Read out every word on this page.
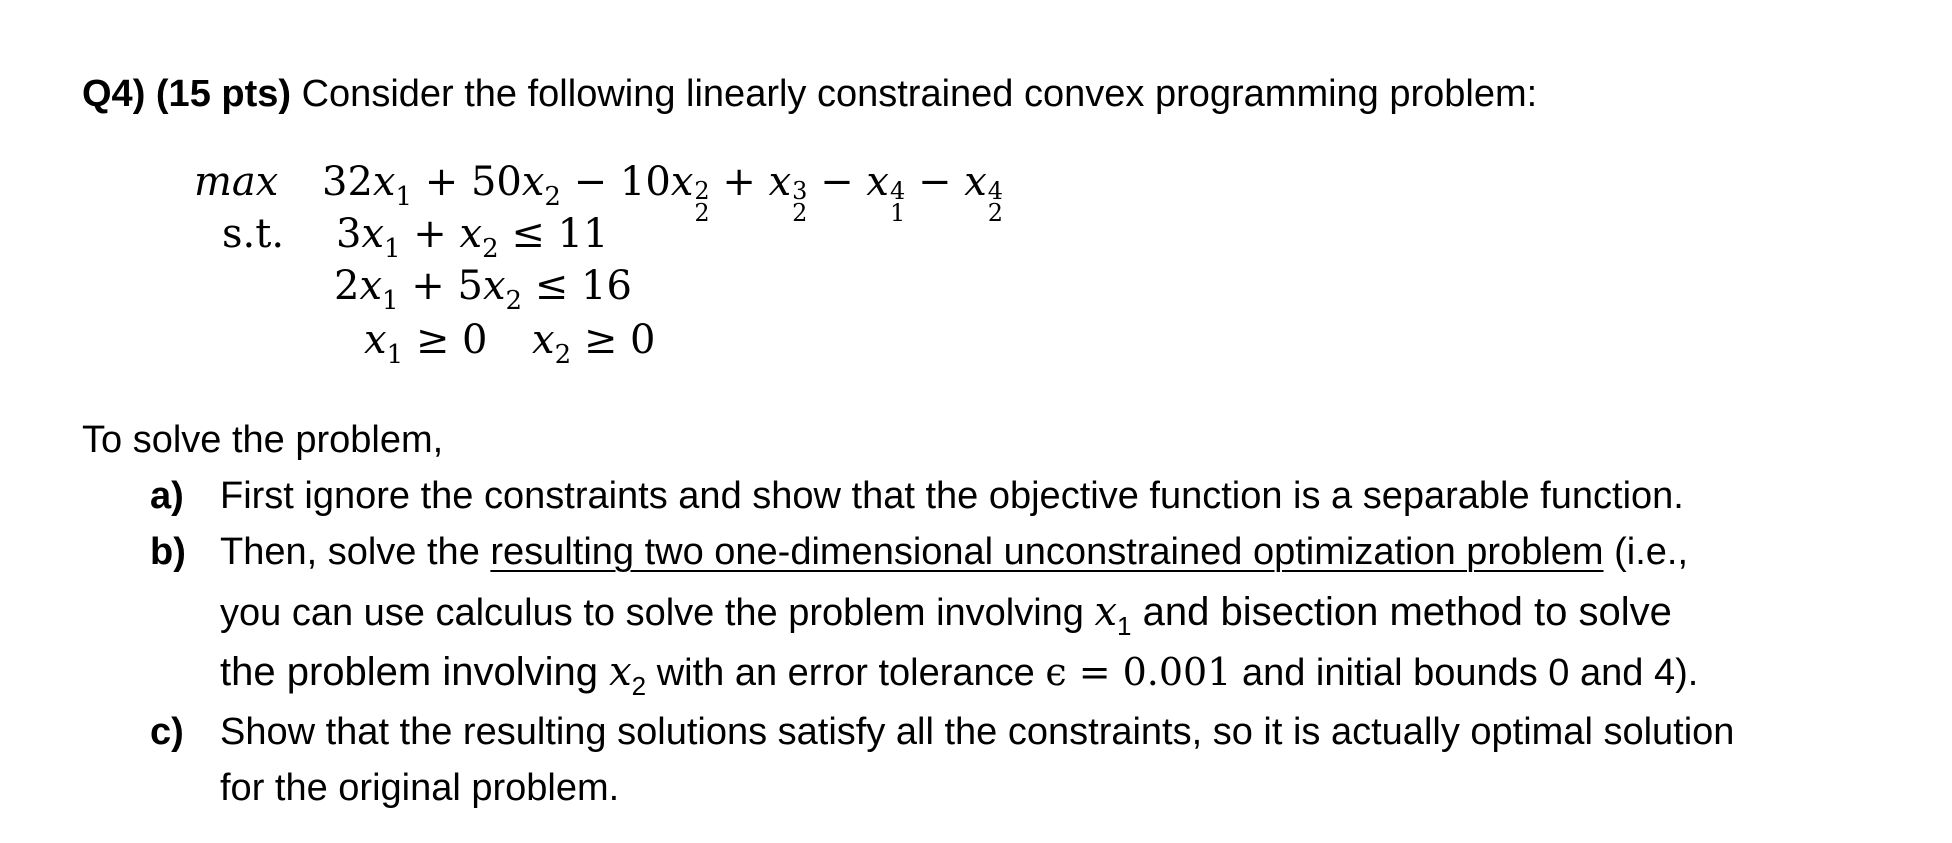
Q4) (15 pts) Consider the following linearly constrained convex programming problem:
$\max 32x_1 + 50x_2 - 10x$ 2
2
+ x 3
2
− x 4
1
− x 4
2
s.t. $3x_1 + x_2 \le 11$
$2x_1 + 5x_2 \le 16$
$x_1 \ge 0$ $x_2 \ge 0$
To solve the problem,
a) First ignore the constraints and show that the objective function is a separable function.
b) Then, solve the resulting two one-dimensional unconstrained optimization problem (i.e.,
you can use calculus to solve the problem involving $x_1$ and bisection method to solve
the problem involving $x_2$ with an error tolerance ϵ = 0.001 and initial bounds 0 and 4).
c) Show that the resulting solutions satisfy all the constraints, so it is actually optimal solution
for the original problem.
